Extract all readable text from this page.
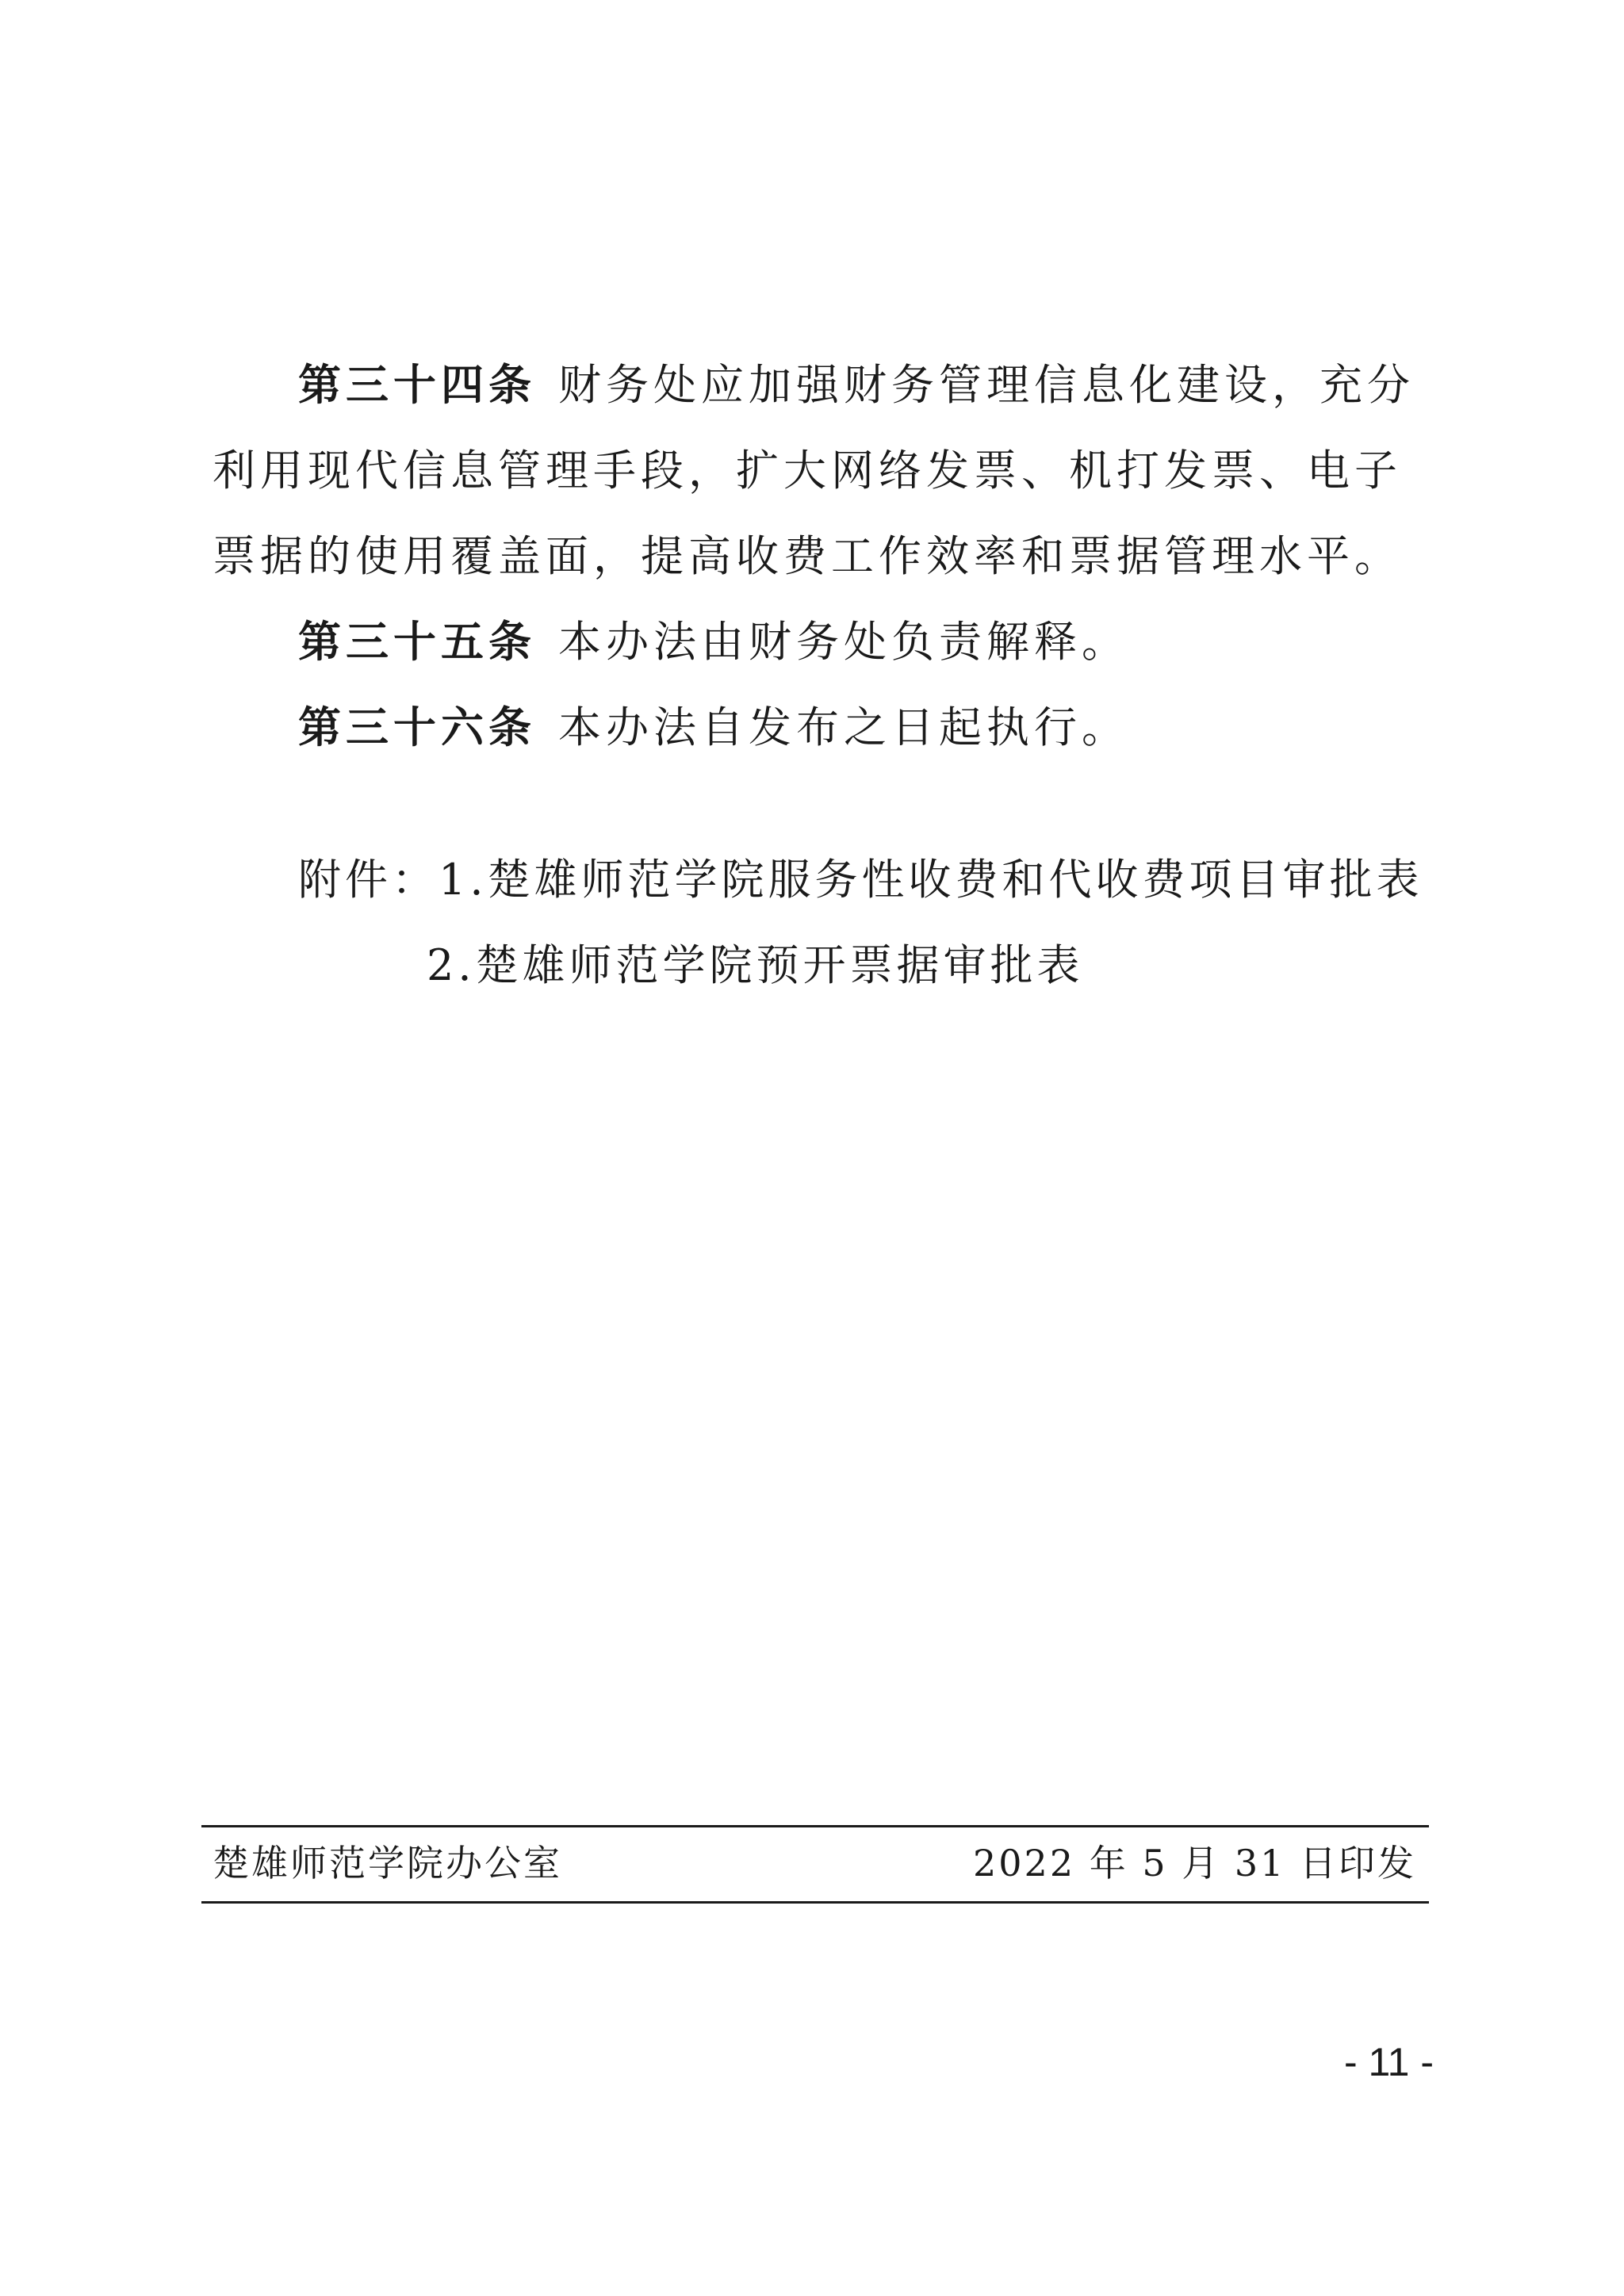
第三十四条 财务处应加强财务管理信息化建设，充分利用现代信息管理手段，扩大网络发票、机打发票、电子票据的使用覆盖面，提高收费工作效率和票据管理水平。
第三十五条 本办法由财务处负责解释。
第三十六条 本办法自发布之日起执行。
附件：1.楚雄师范学院服务性收费和代收费项目审批表
2.楚雄师范学院预开票据审批表
楚雄师范学院办公室	2022 年 5 月 31 日印发
- 11 -
